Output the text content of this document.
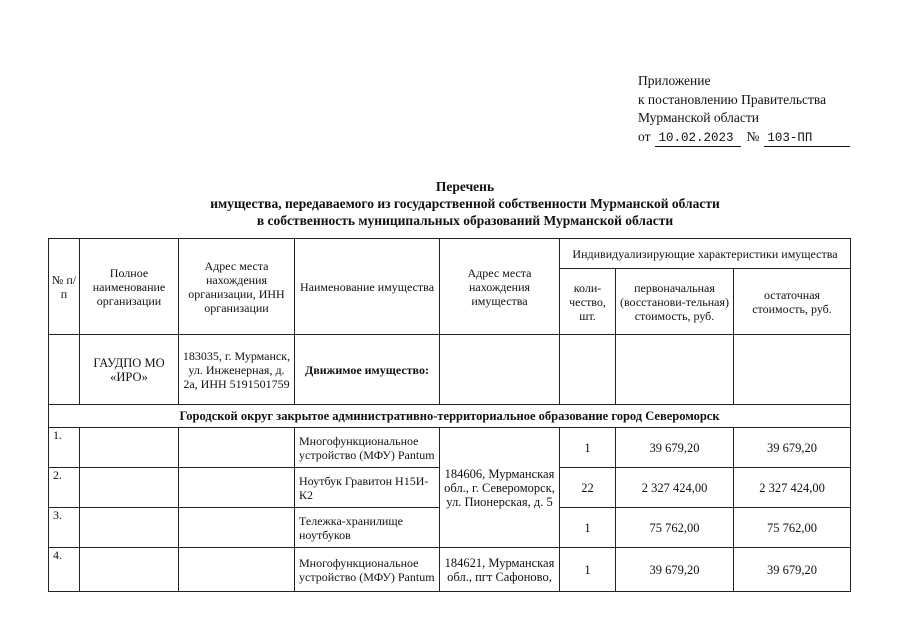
Приложение
к постановлению Правительства
Мурманской области
от 10.02.2023 № 103-ПП
Перечень
имущества, передаваемого из государственной собственности Мурманской области
в собственность муниципальных образований Мурманской области
№ п/п	Полное наименование организации	Адрес места нахождения организации, ИНН организации	Наименование имущества	Адрес места нахождения имущества	Индивидуализирующие характеристики имущества		
					коли-чество, шт.	первоначальная (восстанови-тельная) стоимость, руб.	остаточная стоимость, руб.
	ГАУДПО МО «ИРО»	183035, г. Мурманск, ул. Инженерная, д. 2а, ИНН 5191501759	Движимое имущество:				
Городской округ закрытое административно-территориальное образование город Североморск							
1.			Многофункциональное устройство (МФУ) Pantum	184606, Мурманская обл., г. Североморск, ул. Пионерская, д. 5	1	39 679,20	39 679,20
2.			Ноутбук Гравитон Н15И-К2		22	2 327 424,00	2 327 424,00
3.			Тележка-хранилище ноутбуков		1	75 762,00	75 762,00
4.			Многофункциональное устройство (МФУ) Pantum	184621, Мурманская обл., пгт Сафоново,	1	39 679,20	39 679,20
